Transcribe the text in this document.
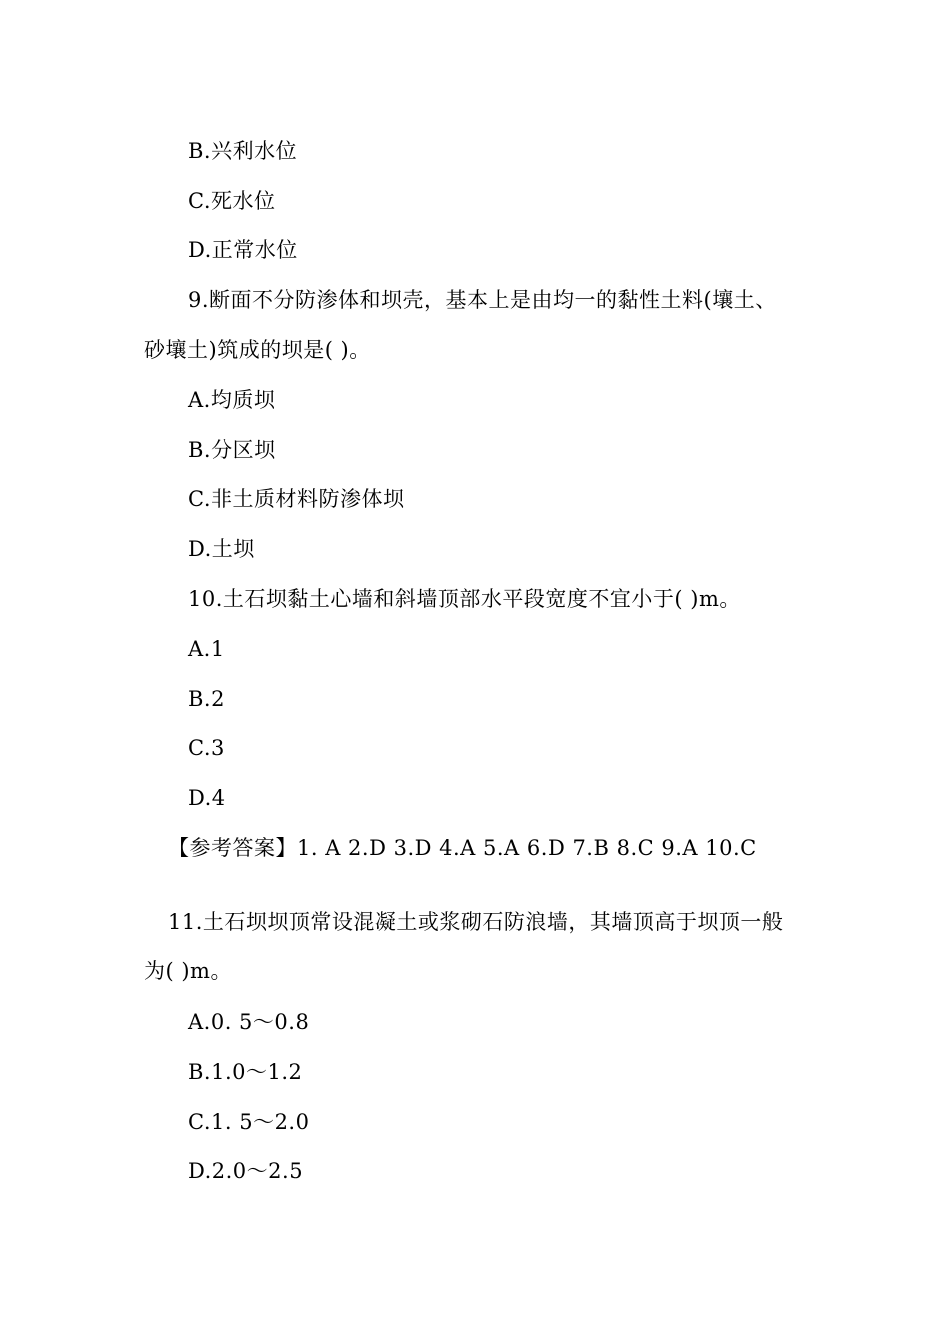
B.兴利水位
C.死水位
D.正常水位
9.断面不分防渗体和坝壳，基本上是由均一的黏性土料(壤土、
砂壤土)筑成的坝是( )。
A.均质坝
B.分区坝
C.非土质材料防渗体坝
D.土坝
10.土石坝黏土心墙和斜墙顶部水平段宽度不宜小于( )m。
A.1
B.2
C.3
D.4
【参考答案】1. A 2.D 3.D 4.A 5.A 6.D 7.B 8.C 9.A 10.C
11.土石坝坝顶常设混凝土或浆砌石防浪墙，其墙顶高于坝顶一般
为( )m。
A.0. 5～0.8
B.1.0～1.2
C.1. 5～2.0
D.2.0～2.5
